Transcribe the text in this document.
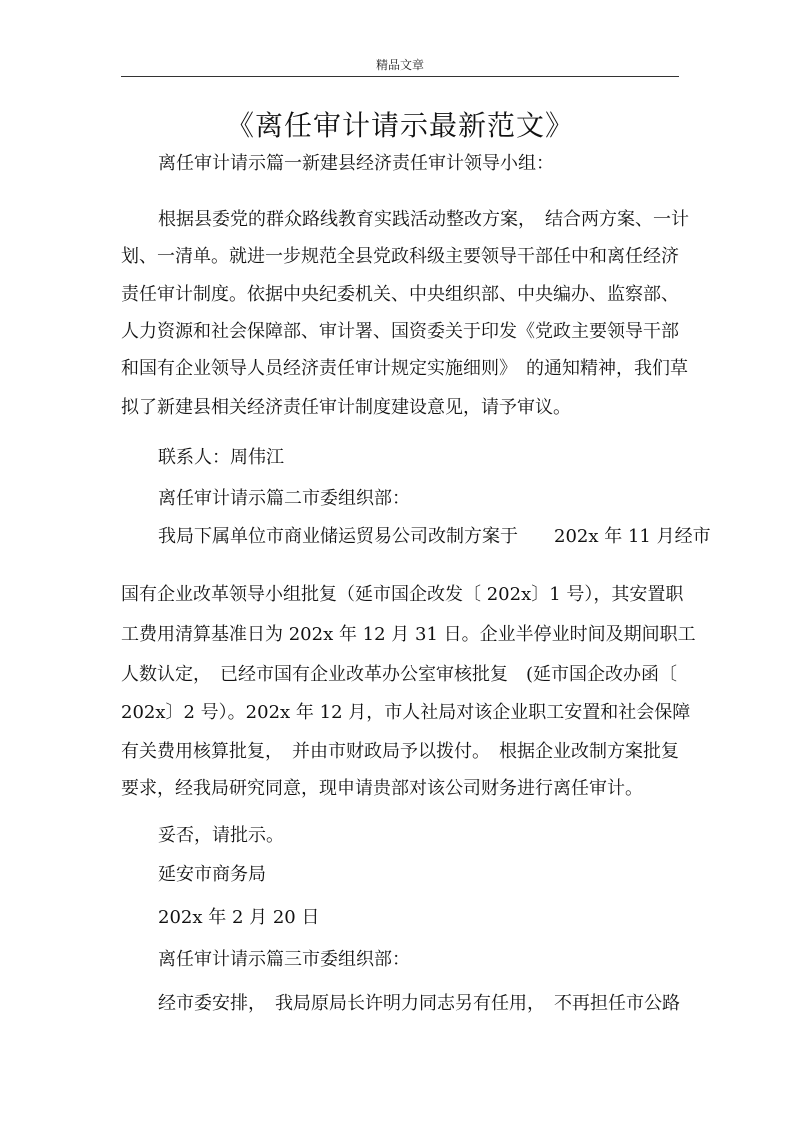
精品文章
《离任审计请示最新范文》
离任审计请示篇一新建县经济责任审计领导小组：
根据县委党的群众路线教育实践活动整改方案，　结合两方案、一计
划、一清单。就进一步规范全县党政科级主要领导干部任中和离任经济
责任审计制度。依据中央纪委机关、中央组织部、中央编办、监察部、
人力资源和社会保障部、审计署、国资委关于印发《党政主要领导干部
和国有企业领导人员经济责任审计规定实施细则》　的通知精神，我们草
拟了新建县相关经济责任审计制度建设意见，请予审议。
联系人：周伟江
离任审计请示篇二市委组织部：
我局下属单位市商业储运贸易公司改制方案于　　202x 年 11 月经市
国有企业改革领导小组批复（延市国企改发〔 202x〕1 号），其安置职
工费用清算基准日为 202x 年 12 月 31 日。企业半停业时间及期间职工
人数认定，　已经市国有企业改革办公室审核批复　(延市国企改办函〔
202x〕2 号）。202x 年 12 月，市人社局对该企业职工安置和社会保障
有关费用核算批复，　并由市财政局予以拨付。　根据企业改制方案批复
要求，经我局研究同意，现申请贵部对该公司财务进行离任审计。
妥否，请批示。
延安市商务局
202x 年 2 月 20 日
离任审计请示篇三市委组织部：
经市委安排，　我局原局长许明力同志另有任用，　不再担任市公路
